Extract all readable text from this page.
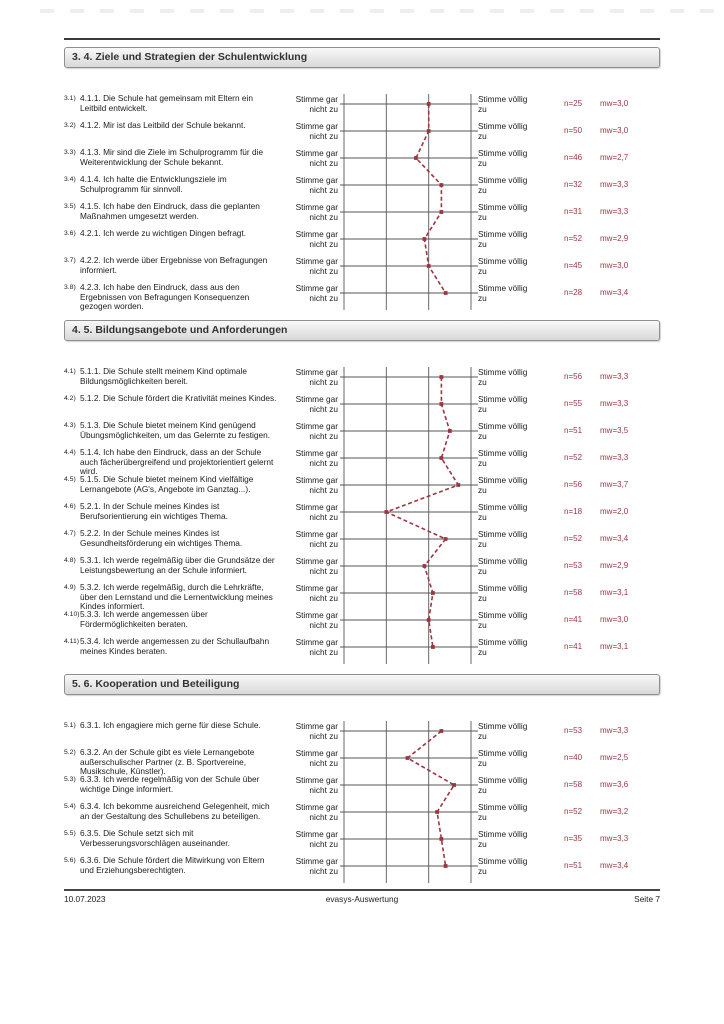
3. 4. Ziele und Strategien der Schulentwicklung
3.1) 4.1.1. Die Schule hat gemeinsam mit Eltern ein Leitbild entwickelt.
Stimme gar
nicht zu
Stimme völlig
zu
n=25	mw=3,0
3.2) 4.1.2. Mir ist das Leitbild der Schule bekannt.	Stimme gar
nicht zu
Stimme völlig
zu
n=50	mw=3,0
3.3) 4.1.3. Mir sind die Ziele im Schulprogramm für die Weiterentwicklung der Schule bekannt.
Stimme gar
nicht zu
Stimme völlig
zu
n=46	mw=2,7
3.4) 4.1.4. Ich halte die Entwicklungsziele im Schulprogramm für sinnvoll.
Stimme gar
nicht zu
Stimme völlig
zu
n=32	mw=3,3
3.5) 4.1.5. Ich habe den Eindruck, dass die geplanten Maßnahmen umgesetzt werden.
Stimme gar
nicht zu
Stimme völlig
zu
n=31	mw=3,3
3.6) 4.2.1. Ich werde zu wichtigen Dingen befragt.	Stimme gar
nicht zu
Stimme völlig
zu
n=52	mw=2,9
3.7) 4.2.2. Ich werde über Ergebnisse von Befragungen informiert.
Stimme gar
nicht zu
Stimme völlig
zu
n=45	mw=3,0
3.8) 4.2.3. Ich habe den Eindruck, dass aus den Ergebnissen von Befragungen Konsequenzen gezogen worden.
Stimme gar
nicht zu
Stimme völlig
zu
n=28	mw=3,4
4. 5. Bildungsangebote und Anforderungen
4.1) 5.1.1. Die Schule stellt meinem Kind optimale Bildungsmöglichkeiten bereit.
Stimme gar
nicht zu
Stimme völlig
zu
n=56	mw=3,3
4.2) 5.1.2. Die Schule fördert die Krativität meines Kindes.	Stimme gar
nicht zu
Stimme völlig
zu
n=55	mw=3,3
4.3) 5.1.3. Die Schule bietet meinem Kind genügend Übungsmöglichkeiten, um das Gelernte zu festigen.
Stimme gar
nicht zu
Stimme völlig
zu
n=51	mw=3,5
4.4) 5.1.4. Ich habe den Eindruck, dass an der Schule auch fächerübergreifend und projektorientiert gelernt wird.
Stimme gar
nicht zu
Stimme völlig
zu
n=52	mw=3,3
4.5) 5.1.5. Die Schule bietet meinem Kind vielfältige Lernangebote (AG's, Angebote im Ganztag...).
Stimme gar
nicht zu
Stimme völlig
zu
n=56	mw=3,7
4.6) 5.2.1. In der Schule meines Kindes ist Berufsorientierung ein wichtiges Thema.
Stimme gar
nicht zu
Stimme völlig
zu
n=18	mw=2,0
4.7) 5.2.2. In der Schule meines Kindes ist Gesundheitsförderung ein wichtiges Thema.
Stimme gar
nicht zu
Stimme völlig
zu
n=52	mw=3,4
4.8) 5.3.1. Ich werde regelmäßig über die Grundsätze der Leistungsbewertung an der Schule informiert.
Stimme gar
nicht zu
Stimme völlig
zu
n=53	mw=2,9
4.9) 5.3.2. Ich werde regelmäßig, durch die Lehrkräfte, über den Lernstand und die Lernentwicklung meines Kindes informiert.
Stimme gar
nicht zu
Stimme völlig
zu
n=58	mw=3,1
4.10) 5.3.3. Ich werde angemessen über Fördermöglichkeiten beraten.
Stimme gar
nicht zu
Stimme völlig
zu
n=41	mw=3,0
4.11) 5.3.4. Ich werde angemessen zu der Schullaufbahn meines Kindes beraten.
Stimme gar
nicht zu
Stimme völlig
zu
n=41	mw=3,1
5. 6. Kooperation und Beteiligung
5.1) 6.3.1. Ich engagiere mich gerne für diese Schule.	Stimme gar
nicht zu
Stimme völlig
zu
n=53	mw=3,3
5.2) 6.3.2. An der Schule gibt es viele Lernangebote außerschulischer Partner (z. B. Sportvereine, Musikschule, Künstler).
Stimme gar
nicht zu
Stimme völlig
zu
n=40	mw=2,5
5.3) 6.3.3. Ich werde regelmäßig von der Schule über wichtige Dinge informiert.
Stimme gar
nicht zu
Stimme völlig
zu
n=58	mw=3,6
5.4) 6.3.4. Ich bekomme ausreichend Gelegenheit, mich an der Gestaltung des Schullebens zu beteiligen.
Stimme gar
nicht zu
Stimme völlig
zu
n=52	mw=3,2
5.5) 6.3.5. Die Schule setzt sich mit Verbesserungsvorschlägen auseinander.
Stimme gar
nicht zu
Stimme völlig
zu
n=35	mw=3,3
5.6) 6.3.6. Die Schule fördert die Mitwirkung von Eltern und Erziehungsberechtigten.
Stimme gar
nicht zu
Stimme völlig
zu
n=51	mw=3,4
10.07.2023	evasys-Auswertung	Seite 7
